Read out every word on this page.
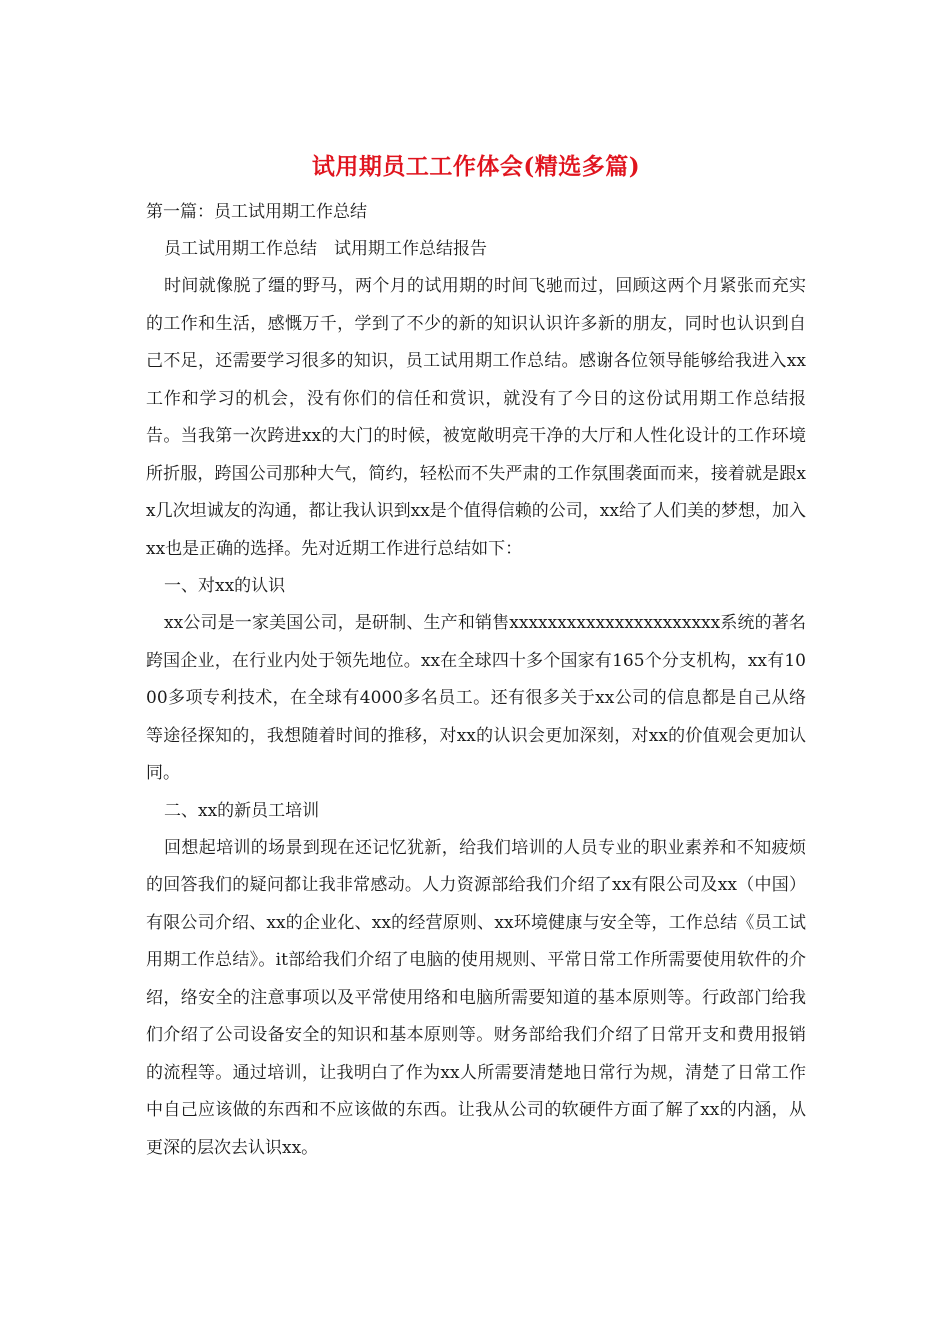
试用期员工工作体会(精选多篇)

第一篇：员工试用期工作总结

员工试用期工作总结　试用期工作总结报告

时间就像脱了缰的野马，两个月的试用期的时间飞驰而过，回顾这两个月紧张而充实的工作和生活，感慨万千，学到了不少的新的知识认识许多新的朋友，同时也认识到自己不足，还需要学习很多的知识，员工试用期工作总结。感谢各位领导能够给我进入xx工作和学习的机会，没有你们的信任和赏识，就没有了今日的这份试用期工作总结报告。当我第一次跨进xx的大门的时候，被宽敞明亮干净的大厅和人性化设计的工作环境所折服，跨国公司那种大气，简约，轻松而不失严肃的工作氛围袭面而来，接着就是跟xx几次坦诚友的沟通，都让我认识到xx是个值得信赖的公司，xx给了人们美的梦想，加入xx也是正确的选择。先对近期工作进行总结如下：

一、对xx的认识

xx公司是一家美国公司，是研制、生产和销售xxxxxxxxxxxxxxxxxxxxxx系统的著名跨国企业，在行业内处于领先地位。xx在全球四十多个国家有165个分支机构，xx有1000多项专利技术，在全球有4000多名员工。还有很多关于xx公司的信息都是自己从络等途径探知的，我想随着时间的推移，对xx的认识会更加深刻，对xx的价值观会更加认同。

二、xx的新员工培训

回想起培训的场景到现在还记忆犹新，给我们培训的人员专业的职业素养和不知疲烦的回答我们的疑问都让我非常感动。人力资源部给我们介绍了xx有限公司及xx（中国）有限公司介绍、xx的企业化、xx的经营原则、xx环境健康与安全等，工作总结《员工试用期工作总结》。it部给我们介绍了电脑的使用规则、平常日常工作所需要使用软件的介绍，络安全的注意事项以及平常使用络和电脑所需要知道的基本原则等。行政部门给我们介绍了公司设备安全的知识和基本原则等。财务部给我们介绍了日常开支和费用报销的流程等。通过培训，让我明白了作为xx人所需要清楚地日常行为规，清楚了日常工作中自己应该做的东西和不应该做的东西。让我从公司的软硬件方面了解了xx的内涵，从更深的层次去认识xx。
